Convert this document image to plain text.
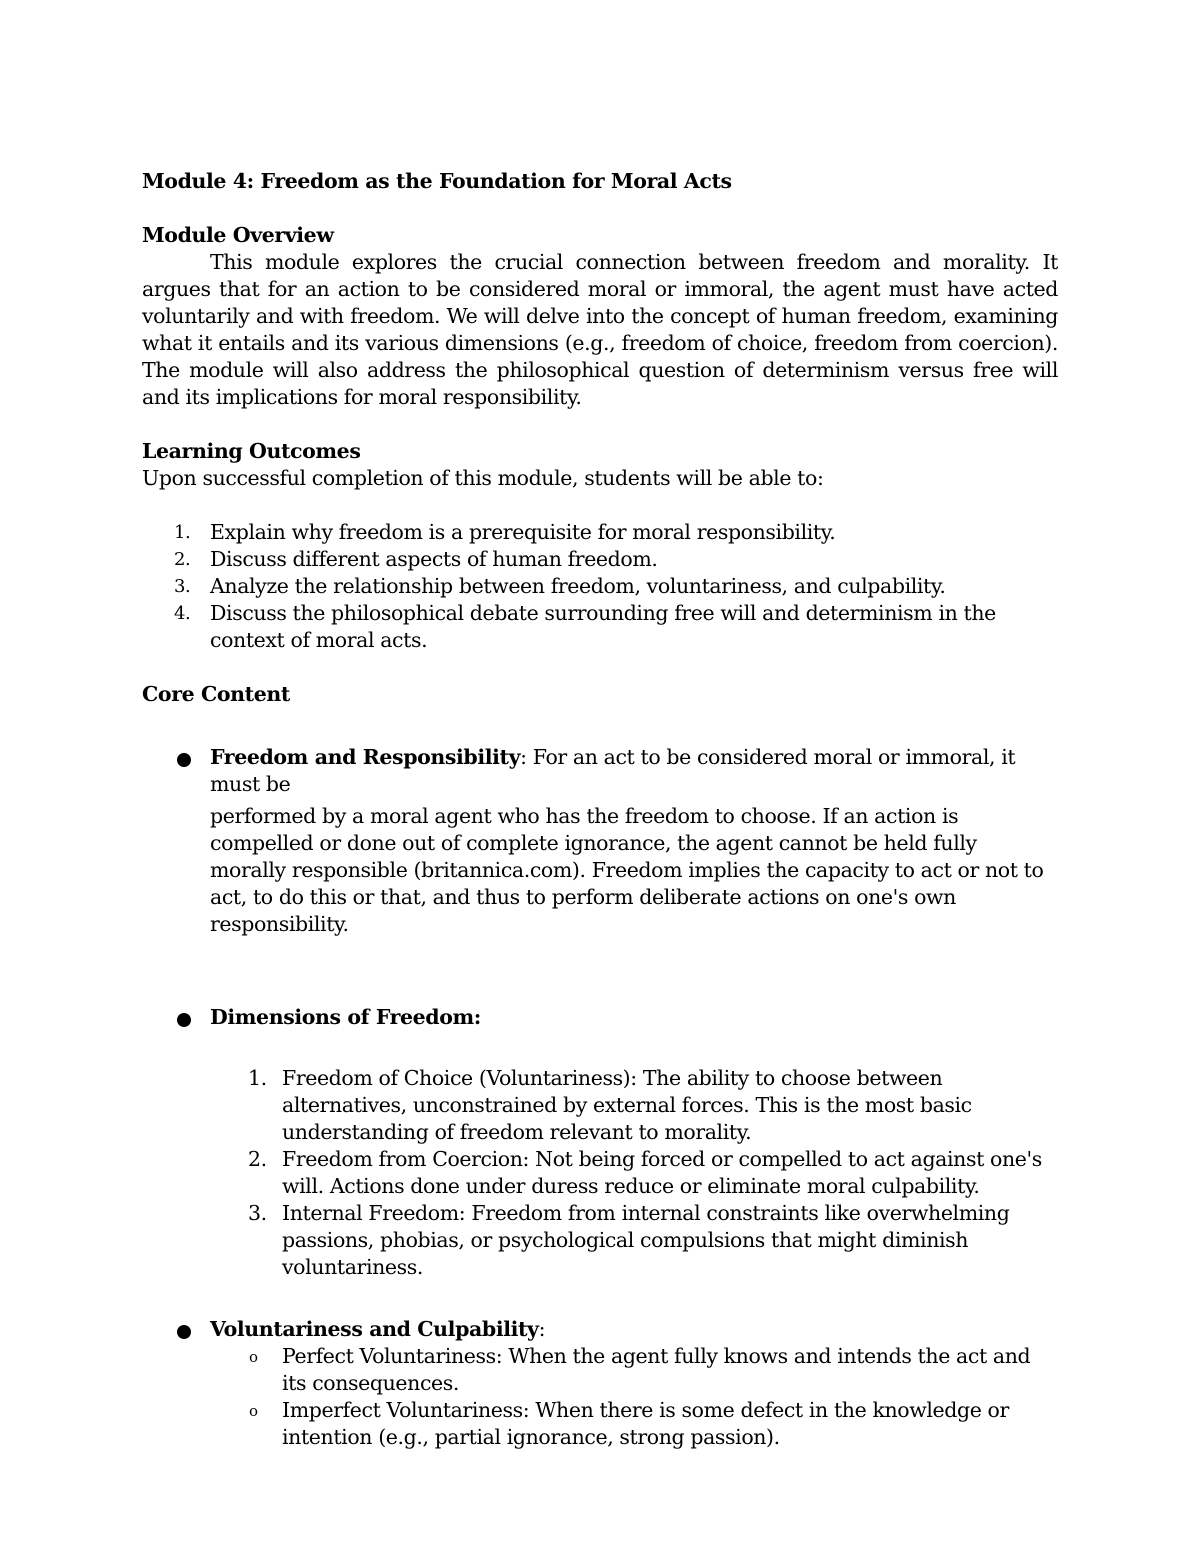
Module 4: Freedom as the Foundation for Moral Acts

Module Overview

This module explores the crucial connection between freedom and morality. It argues that for an action to be considered moral or immoral, the agent must have acted voluntarily and with freedom. We will delve into the concept of human freedom, examining what it entails and its various dimensions (e.g., freedom of choice, freedom from coercion). The module will also address the philosophical question of determinism versus free will and its implications for moral responsibility.

Learning Outcomes

Upon successful completion of this module, students will be able to:

1. Explain why freedom is a prerequisite for moral responsibility.
2. Discuss different aspects of human freedom.
3. Analyze the relationship between freedom, voluntariness, and culpability.
4. Discuss the philosophical debate surrounding free will and determinism in the context of moral acts.

Core Content

Freedom and Responsibility: For an act to be considered moral or immoral, it must be

performed by a moral agent who has the freedom to choose. If an action is compelled or done out of complete ignorance, the agent cannot be held fully morally responsible (britannica.com). Freedom implies the capacity to act or not to act, to do this or that, and thus to perform deliberate actions on one's own responsibility.

Dimensions of Freedom:

1. Freedom of Choice (Voluntariness): The ability to choose between alternatives, unconstrained by external forces. This is the most basic understanding of freedom relevant to morality.
2. Freedom from Coercion: Not being forced or compelled to act against one's will. Actions done under duress reduce or eliminate moral culpability.
3. Internal Freedom: Freedom from internal constraints like overwhelming passions, phobias, or psychological compulsions that might diminish voluntariness.

Voluntariness and Culpability:

o Perfect Voluntariness: When the agent fully knows and intends the act and its consequences.
o Imperfect Voluntariness: When there is some defect in the knowledge or intention (e.g., partial ignorance, strong passion).
